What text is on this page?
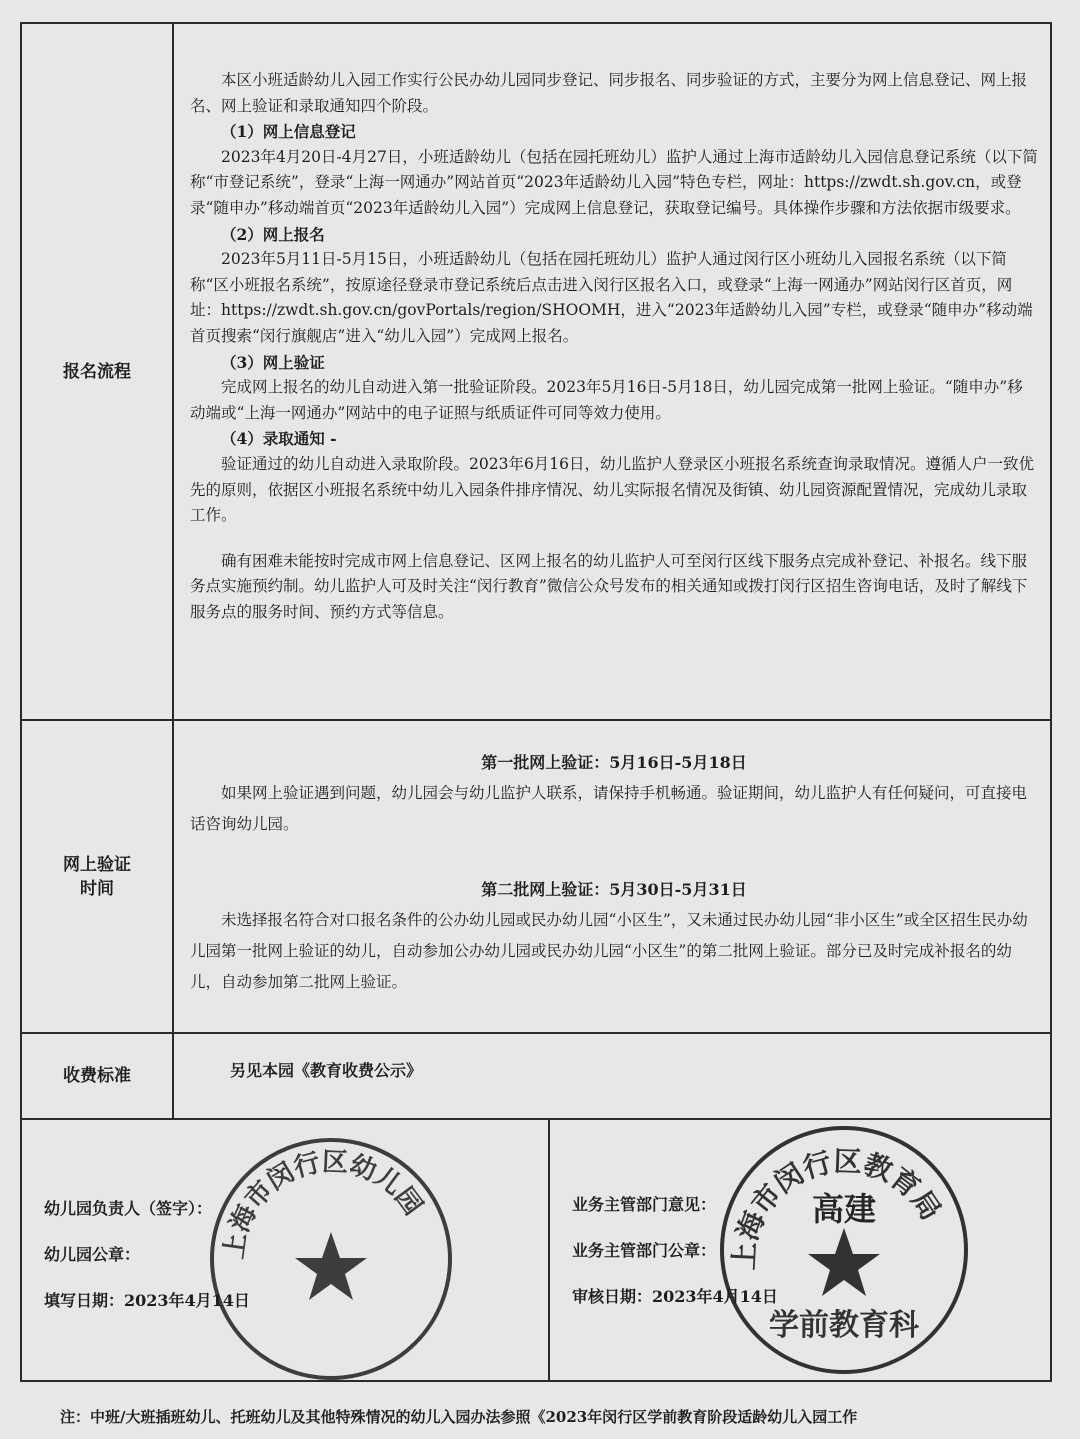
报名流程

本区小班适龄幼儿入园工作实行公民办幼儿园同步登记、同步报名、同步验证的方式，主要分为网上信息登记、网上报名、网上验证和录取通知四个阶段。

（1）网上信息登记

2023年4月20日-4月27日，小班适龄幼儿（包括在园托班幼儿）监护人通过上海市适龄幼儿入园信息登记系统（以下简称“市登记系统”，登录“上海一网通办”网站首页“2023年适龄幼儿入园”特色专栏，网址：https://zwdt.sh.gov.cn，或登录“随申办”移动端首页“2023年适龄幼儿入园”）完成网上信息登记，获取登记编号。具体操作步骤和方法依据市级要求。

（2）网上报名

2023年5月11日-5月15日，小班适龄幼儿（包括在园托班幼儿）监护人通过闵行区小班幼儿入园报名系统（以下简称“区小班报名系统”，按原途径登录市登记系统后点击进入闵行区报名入口，或登录“上海一网通办”网站闵行区首页，网址：https://zwdt.sh.gov.cn/govPortals/region/SHOOMH，进入“2023年适龄幼儿入园”专栏，或登录“随申办”移动端首页搜索“闵行旗舰店”进入“幼儿入园”）完成网上报名。

（3）网上验证

完成网上报名的幼儿自动进入第一批验证阶段。2023年5月16日-5月18日，幼儿园完成第一批网上验证。“随申办”移动端或“上海一网通办”网站中的电子证照与纸质证件可同等效力使用。

（4）录取通知 -

验证通过的幼儿自动进入录取阶段。2023年6月16日，幼儿监护人登录区小班报名系统查询录取情况。遵循人户一致优先的原则，依据区小班报名系统中幼儿入园条件排序情况、幼儿实际报名情况及街镇、幼儿园资源配置情况，完成幼儿录取工作。

确有困难未能按时完成市网上信息登记、区网上报名的幼儿监护人可至闵行区线下服务点完成补登记、补报名。线下服务点实施预约制。幼儿监护人可及时关注“闵行教育”微信公众号发布的相关通知或拨打闵行区招生咨询电话，及时了解线下服务点的服务时间、预约方式等信息。

网上验证时间

第一批网上验证：5月16日-5月18日

如果网上验证遇到问题，幼儿园会与幼儿监护人联系，请保持手机畅通。验证期间，幼儿监护人有任何疑问，可直接电话咨询幼儿园。

第二批网上验证：5月30日-5月31日

未选择报名符合对口报名条件的公办幼儿园或民办幼儿园“小区生”，又未通过民办幼儿园“非小区生”或全区招生民办幼儿园第一批网上验证的幼儿，自动参加公办幼儿园或民办幼儿园“小区生”的第二批网上验证。部分已及时完成补报名的幼儿，自动参加第二批网上验证。

收费标准	另见本园《教育收费公示》
上海市闵行区幼儿园
幼儿园负责人（签字）：
幼儿园公章：
填写日期：2023年4月14日
上海市闵行区教育局
学前教育科
高建
业务主管部门意见：
业务主管部门公章：
审核日期：2023年4月14日
注：中班/大班插班幼儿、托班幼儿及其他特殊情况的幼儿入园办法参照《2023年闵行区学前教育阶段适龄幼儿入园工作
